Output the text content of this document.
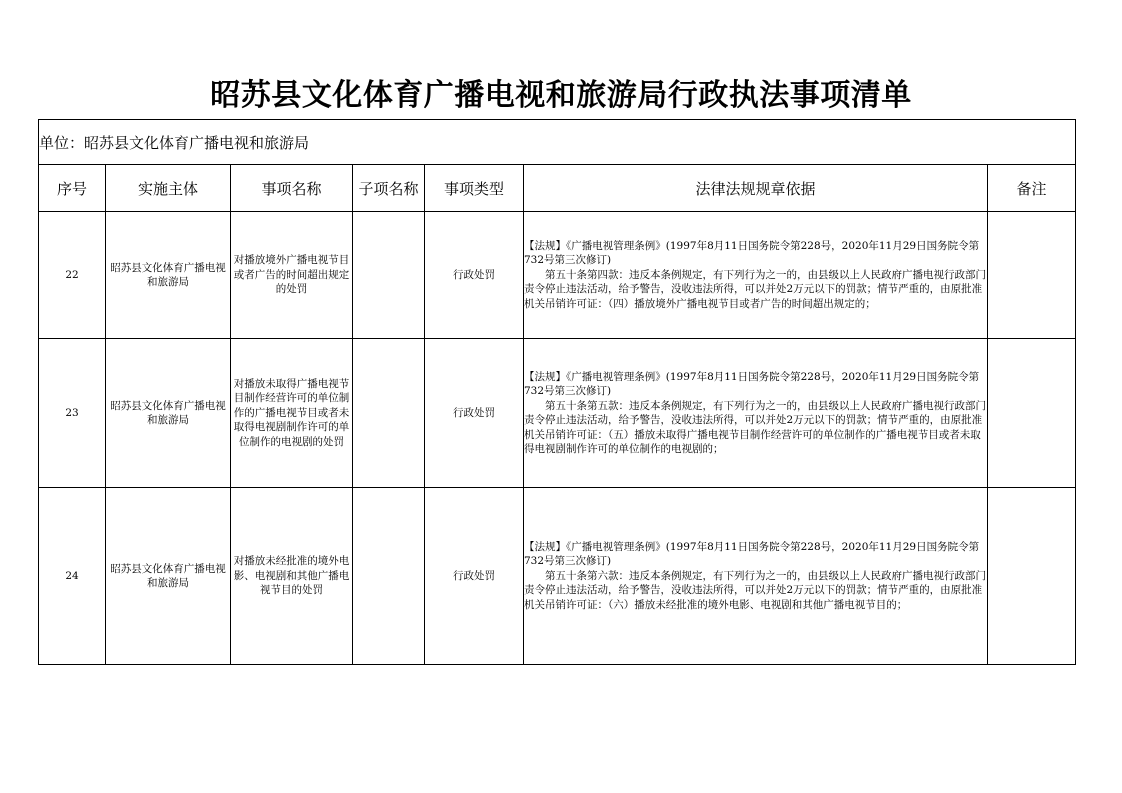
昭苏县文化体育广播电视和旅游局行政执法事项清单
单位：昭苏县文化体育广播电视和旅游局						
序号	实施主体	事项名称	子项名称	事项类型	法律法规规章依据	备注
22	昭苏县文化体育广播电视和旅游局	对播放境外广播电视节目或者广告的时间超出规定的处罚		行政处罚	【法规】《广播电视管理条例》(1997年8月11日国务院令第228号，2020年11月29日国务院令第732号第三次修订)
第五十条第四款：违反本条例规定，有下列行为之一的，由县级以上人民政府广播电视行政部门责令停止违法活动，给予警告，没收违法所得，可以并处2万元以下的罚款；情节严重的，由原批准机关吊销许可证：（四）播放境外广播电视节目或者广告的时间超出规定的；	

23	昭苏县文化体育广播电视和旅游局	对播放未取得广播电视节目制作经营许可的单位制作的广播电视节目或者未取得电视剧制作许可的单位制作的电视剧的处罚		行政处罚	【法规】《广播电视管理条例》(1997年8月11日国务院令第228号，2020年11月29日国务院令第732号第三次修订)
第五十条第五款：违反本条例规定，有下列行为之一的，由县级以上人民政府广播电视行政部门责令停止违法活动，给予警告，没收违法所得，可以并处2万元以下的罚款；情节严重的，由原批准机关吊销许可证：（五）播放未取得广播电视节目制作经营许可的单位制作的广播电视节目或者未取得电视剧制作许可的单位制作的电视剧的；	

24	昭苏县文化体育广播电视和旅游局	对播放未经批准的境外电影、电视剧和其他广播电视节目的处罚		行政处罚	【法规】《广播电视管理条例》(1997年8月11日国务院令第228号，2020年11月29日国务院令第732号第三次修订)
第五十条第六款：违反本条例规定，有下列行为之一的，由县级以上人民政府广播电视行政部门责令停止违法活动，给予警告，没收违法所得，可以并处2万元以下的罚款；情节严重的，由原批准机关吊销许可证：（六）播放未经批准的境外电影、电视剧和其他广播电视节目的；	
